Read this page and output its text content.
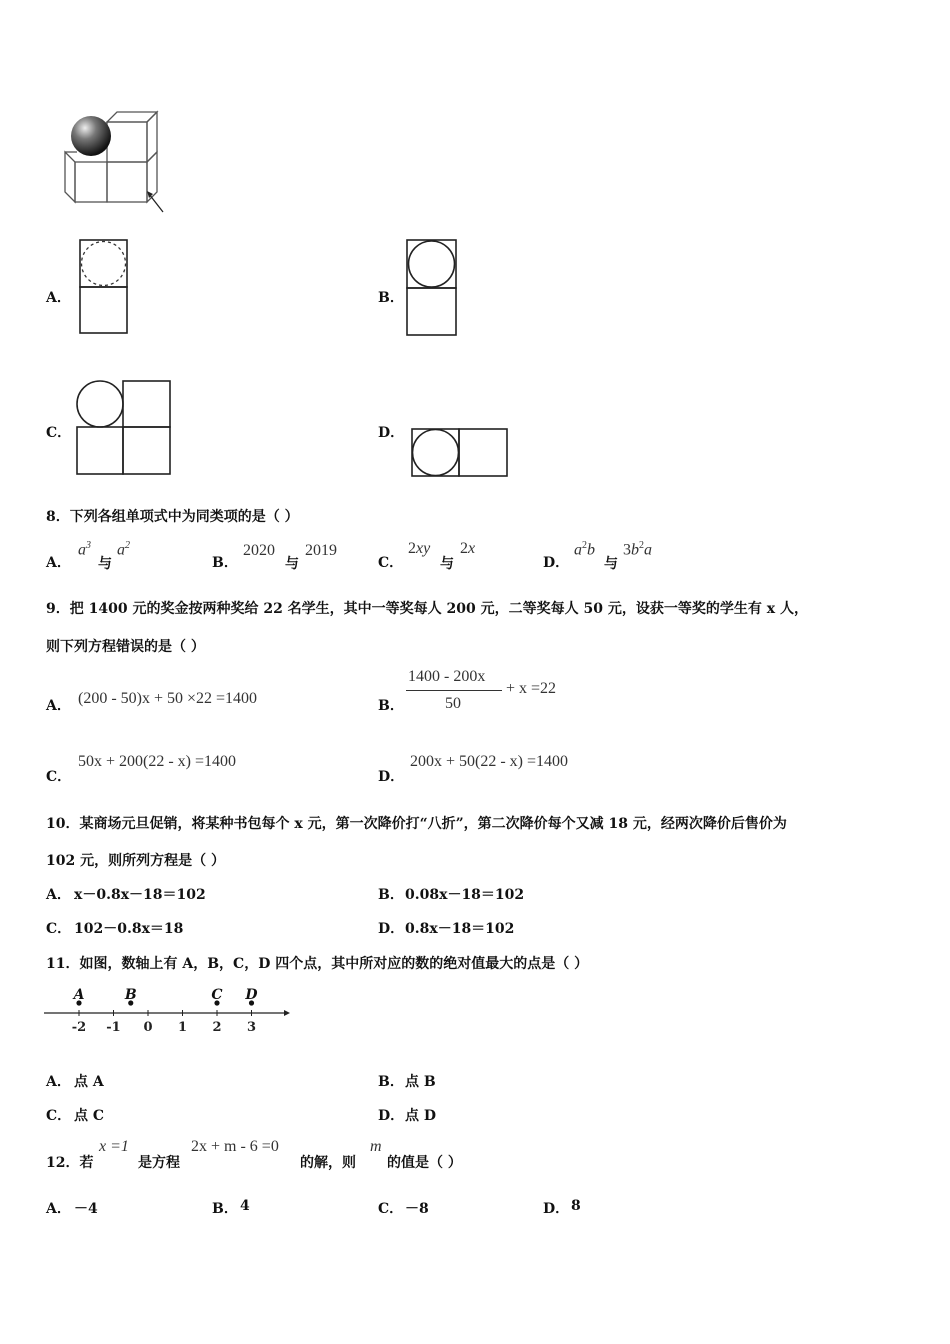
A．	B．
C．	D．
8．下列各组单项式中为同类项的是（ ）
A．
$a^3$
与
$a^2$
B．
2020
与
2019
C．
2xy
与
2x
D．
$a^2b$
与
$3b^2a$
9．把 1400 元的奖金按两种奖给 22 名学生，其中一等奖每人 200 元，二等奖每人 50 元，设获一等奖的学生有 x 人，
则下列方程错误的是（ ）
A． (200 - 50)x + 50 ×22 =1400	B．
1400 - 200x
50
+ x =22
C．
50x + 200(22 - x) =1400
D．
200x + 50(22 - x) =1400
10．某商场元旦促销，将某种书包每个 x 元，第一次降价打“八折”，第二次降价每个又减 18 元，经两次降价后售价为
102 元，则所列方程是（ ）
A． x－0.8x－18＝102	B． 0.08x－18＝102
C． 102－0.8x＝18	D． 0.8x－18＝102
11．如图，数轴上有 A，B，C，D 四个点，其中所对应的数的绝对值最大的点是（ ）
-2 -1 0 1 2 3
A	B	C D
A． 点 A	B． 点 B
C． 点 C	D． 点 D
12．若
x =1
是方程
2x + m - 6 =0
的解，则
m
的值是（ ）
A． －4	B． 4	C． －8	D． 8
